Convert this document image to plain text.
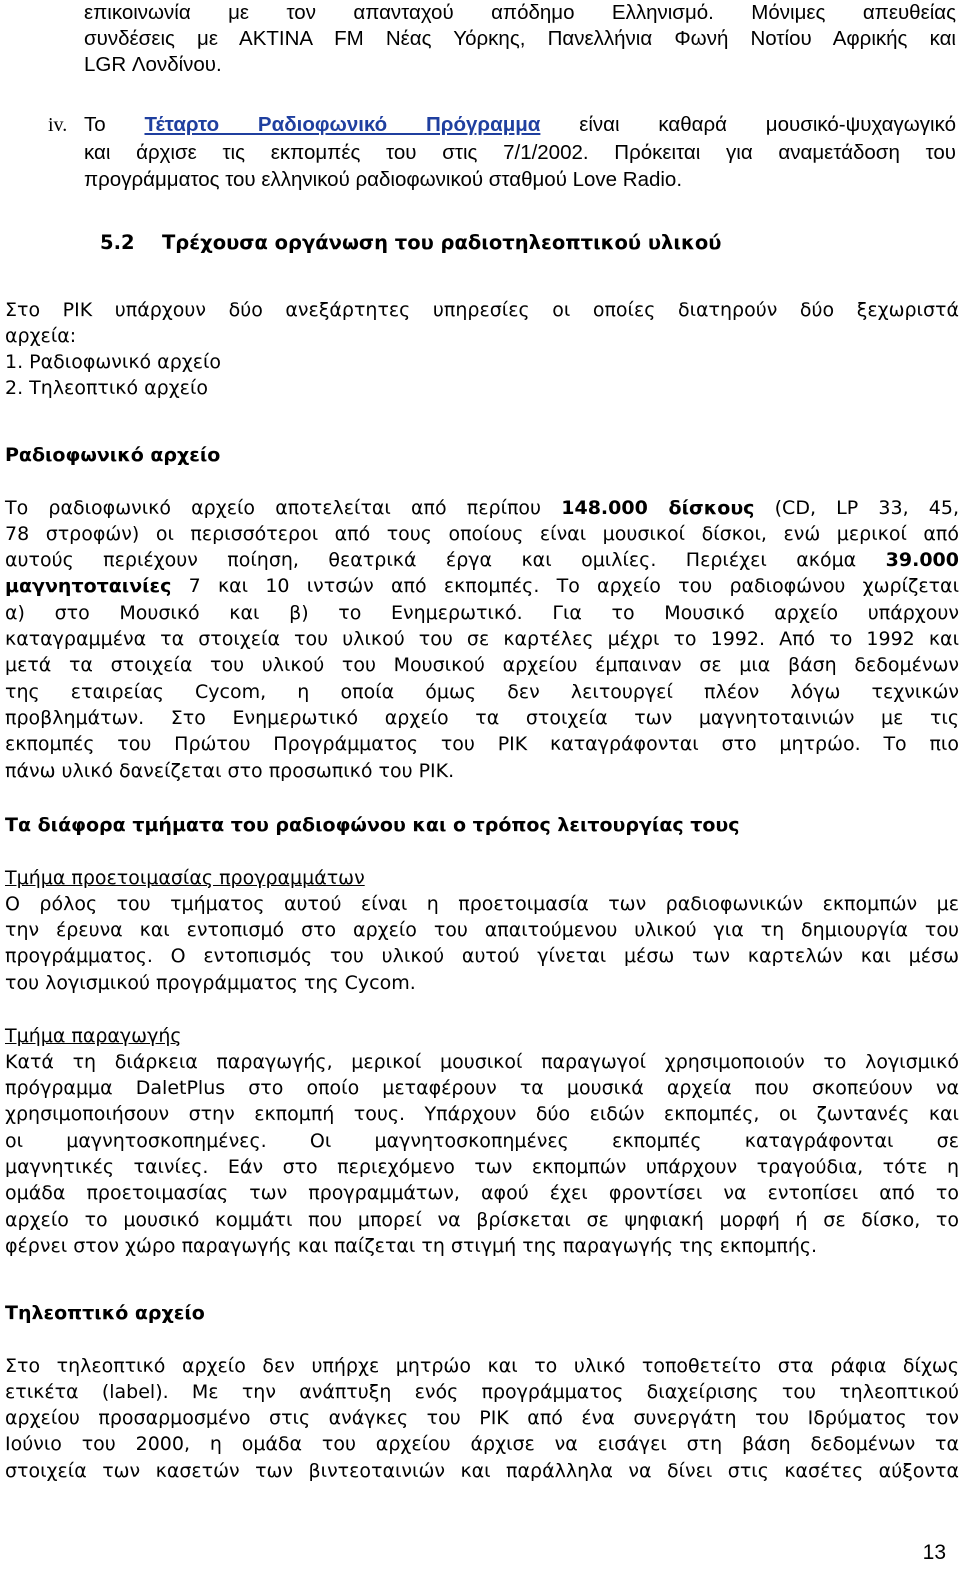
επικοινωνία με τον απανταχού απόδημο Ελληνισμό. Μόνιμες απευθείας
συνδέσεις με ΑΚΤΙΝΑ FM Νέας Υόρκης, Πανελλήνια Φωνή Νοτίου Αφρικής και
LGR Λονδίνου.
iv. Το Τέταρτο Ραδιοφωνικό Πρόγραμμα είναι καθαρά μουσικό-ψυχαγωγικό
και άρχισε τις εκπομπές του στις 7/1/2002. Πρόκειται για αναμετάδοση του
προγράμματος του ελληνικού ραδιοφωνικού σταθμού Love Radio.
5.2 Τρέχουσα οργάνωση του ραδιοτηλεοπτικού υλικού
Στο ΡΙΚ υπάρχουν δύο ανεξάρτητες υπηρεσίες οι οποίες διατηρούν δύο ξεχωριστά
αρχεία:
1. Ραδιοφωνικό αρχείο
2. Τηλεοπτικό αρχείο
Ραδιοφωνικό αρχείο
Το ραδιοφωνικό αρχείο αποτελείται από περίπου 148.000 δίσκους (CD, LP 33, 45,
78 στροφών) οι περισσότεροι από τους οποίους είναι μουσικοί δίσκοι, ενώ μερικοί από
αυτούς περιέχουν ποίηση, θεατρικά έργα και ομιλίες. Περιέχει ακόμα 39.000
μαγνητοταινίες 7 και 10 ιντσών από εκπομπές. Το αρχείο του ραδιοφώνου χωρίζεται
α) στο Μουσικό και β) το Ενημερωτικό. Για το Μουσικό αρχείο υπάρχουν
καταγραμμένα τα στοιχεία του υλικού του σε καρτέλες μέχρι το 1992. Από το 1992 και
μετά τα στοιχεία του υλικού του Μουσικού αρχείου έμπαιναν σε μια βάση δεδομένων
της εταιρείας Cycom, η οποία όμως δεν λειτουργεί πλέον λόγω τεχνικών
προβλημάτων. Στο Ενημερωτικό αρχείο τα στοιχεία των μαγνητοταινιών με τις
εκπομπές του Πρώτου Προγράμματος του ΡΙΚ καταγράφονται στο μητρώο. Το πιο
πάνω υλικό δανείζεται στο προσωπικό του ΡΙΚ.
Τα διάφορα τμήματα του ραδιοφώνου και ο τρόπος λειτουργίας τους
Τμήμα προετοιμασίας προγραμμάτων
Ο ρόλος του τμήματος αυτού είναι η προετοιμασία των ραδιοφωνικών εκπομπών με
την έρευνα και εντοπισμό στο αρχείο του απαιτούμενου υλικού για τη δημιουργία του
προγράμματος. Ο εντοπισμός του υλικού αυτού γίνεται μέσω των καρτελών και μέσω
του λογισμικού προγράμματος της Cycom.
Τμήμα παραγωγής
Κατά τη διάρκεια παραγωγής, μερικοί μουσικοί παραγωγοί χρησιμοποιούν το λογισμικό
πρόγραμμα DaletPlus στο οποίο μεταφέρουν τα μουσικά αρχεία που σκοπεύουν να
χρησιμοποιήσουν στην εκπομπή τους. Υπάρχουν δύο ειδών εκπομπές, οι ζωντανές και
οι μαγνητοσκοπημένες. Οι μαγνητοσκοπημένες εκπομπές καταγράφονται σε
μαγνητικές ταινίες. Εάν στο περιεχόμενο των εκπομπών υπάρχουν τραγούδια, τότε η
ομάδα προετοιμασίας των προγραμμάτων, αφού έχει φροντίσει να εντοπίσει από το
αρχείο το μουσικό κομμάτι που μπορεί να βρίσκεται σε ψηφιακή μορφή ή σε δίσκο, το
φέρνει στον χώρο παραγωγής και παίζεται τη στιγμή της παραγωγής της εκπομπής.
Τηλεοπτικό αρχείο
Στο τηλεοπτικό αρχείο δεν υπήρχε μητρώο και το υλικό τοποθετείτο στα ράφια δίχως
ετικέτα (label). Με την ανάπτυξη ενός προγράμματος διαχείρισης του τηλεοπτικού
αρχείου προσαρμοσμένο στις ανάγκες του ΡΙΚ από ένα συνεργάτη του Ιδρύματος τον
Ιούνιο του 2000, η ομάδα του αρχείου άρχισε να εισάγει στη βάση δεδομένων τα
στοιχεία των κασετών των βιντεοταινιών και παράλληλα να δίνει στις κασέτες αύξοντα
13
